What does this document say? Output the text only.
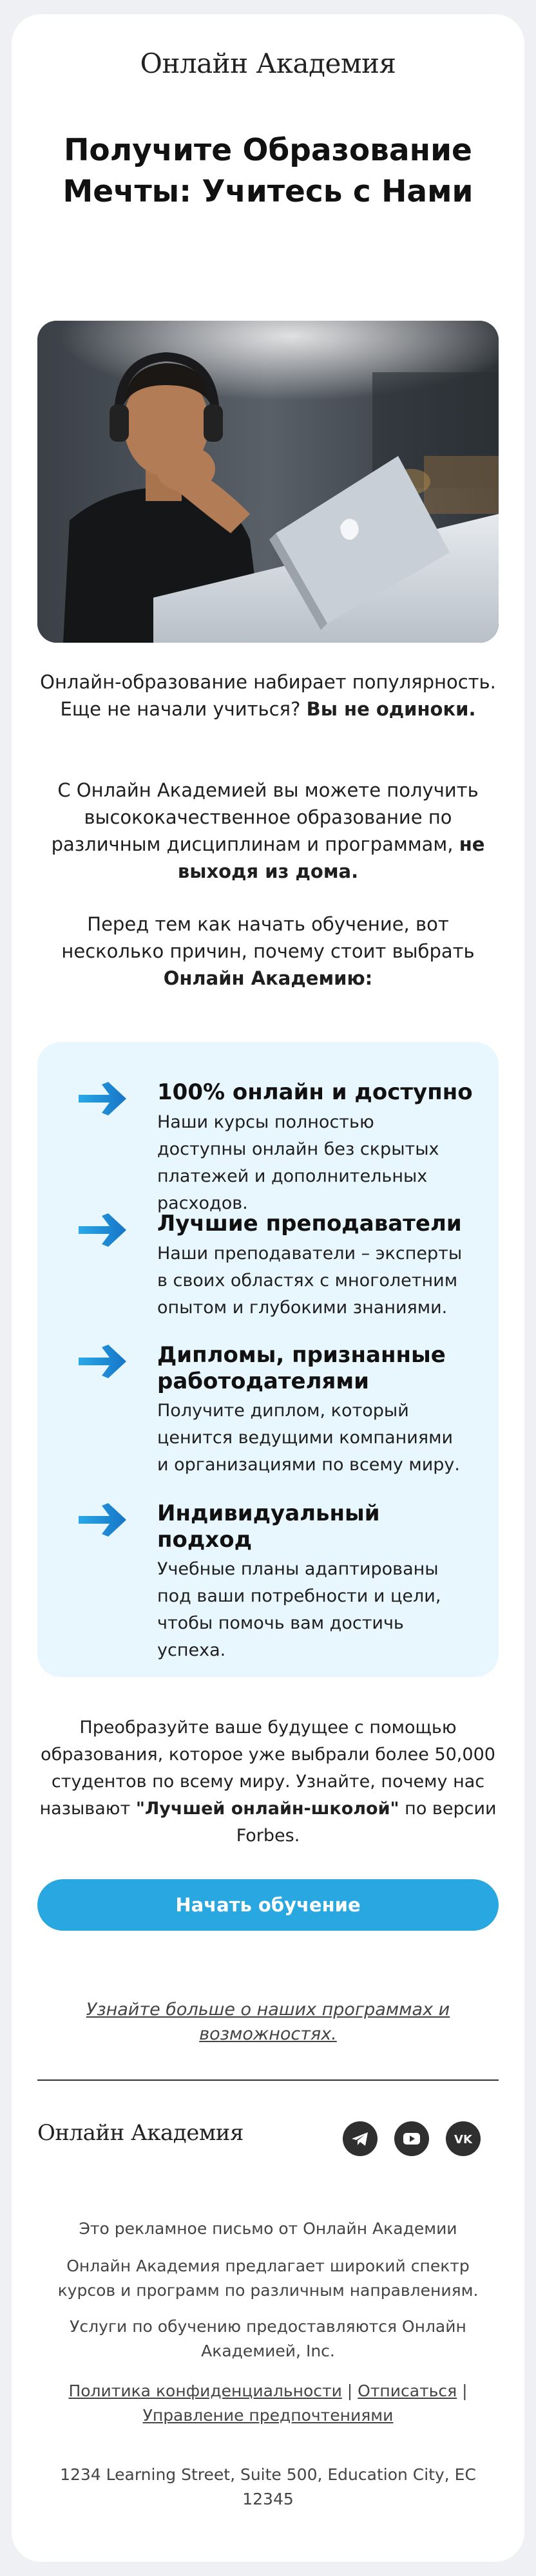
Онлайн Академия
Получите Образование Мечты: Учитесь с Нами
Онлайн-образование набирает популярность. Еще не начали учиться? Вы не одиноки.
С Онлайн Академией вы можете получить высококачественное образование по различным дисциплинам и программам, не выходя из дома.
Перед тем как начать обучение, вот несколько причин, почему стоит выбрать Онлайн Академию:
100% онлайн и доступно
Наши курсы полностью доступны онлайн без скрытых платежей и дополнительных расходов.
Лучшие преподаватели
Наши преподаватели – эксперты в своих областях с многолетним опытом и глубокими знаниями.
Дипломы, признанные работодателями
Получите диплом, который ценится ведущими компаниями и организациями по всему миру.
Индивидуальный подход
Учебные планы адаптированы под ваши потребности и цели, чтобы помочь вам достичь успеха.
Преобразуйте ваше будущее с помощью образования, которое уже выбрали более 50,000 студентов по всему миру. Узнайте, почему нас называют "Лучшей онлайн-школой" по версии Forbes.
Начать обучение
Узнайте больше о наших программах и возможностях.
Онлайн Академия	VK
Это рекламное письмо от Онлайн Академии
Онлайн Академия предлагает широкий спектр курсов и программ по различным направлениям.
Услуги по обучению предоставляются Онлайн Академией, Inc.
Политика конфиденциальности | Отписаться |
Управление предпочтениями
1234 Learning Street, Suite 500, Education City, EC 12345
